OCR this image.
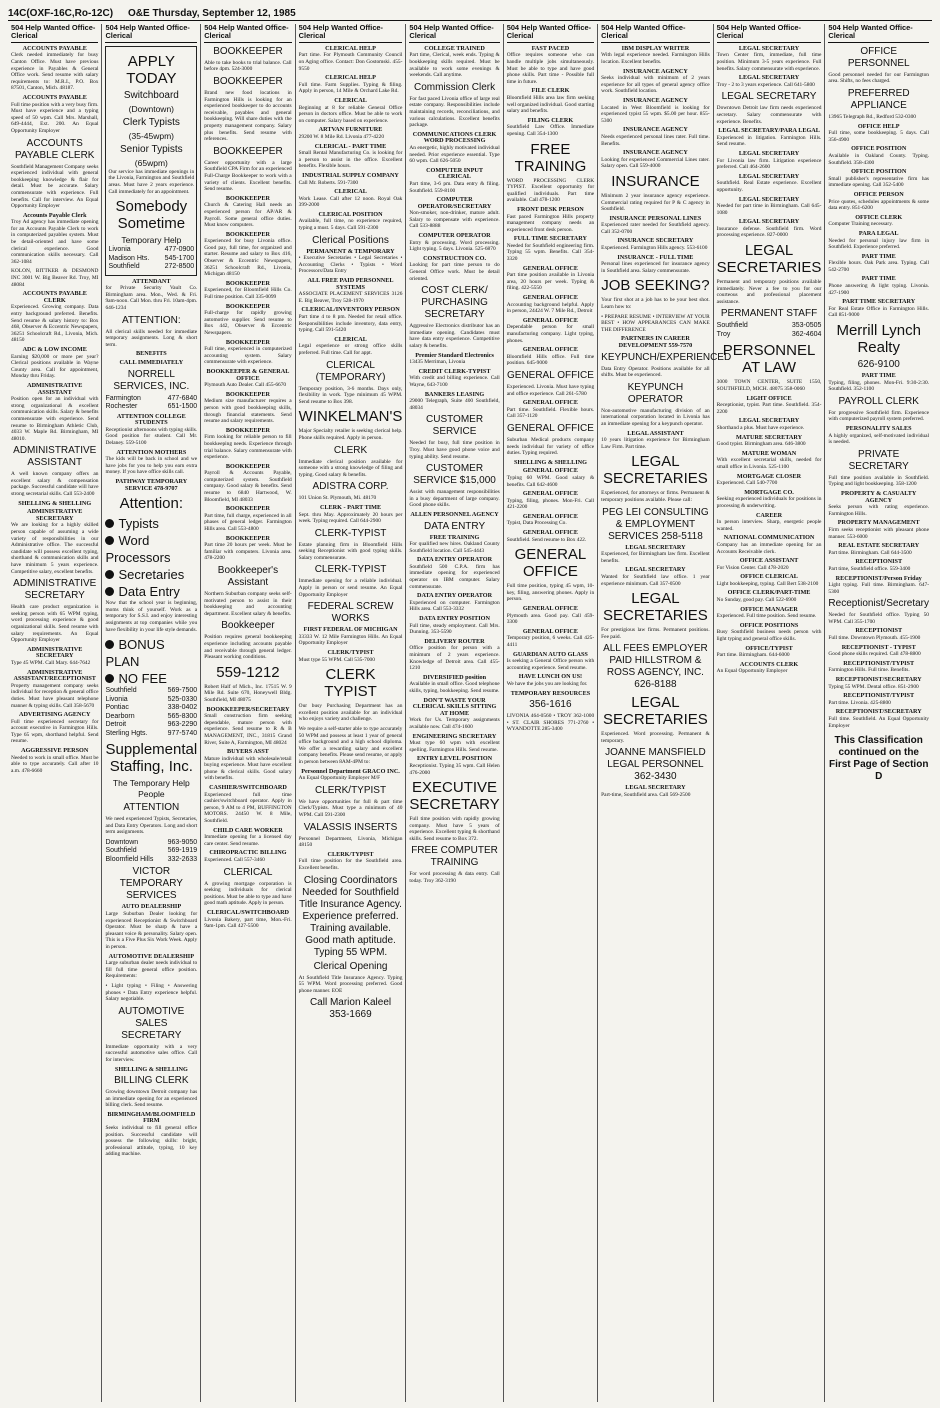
14C(OXF-16C,Ro-12C)	O&E Thursday, September 12, 1985
504 Help Wanted Office-Clerical
ACCOUNTS PAYABLE
Clerk needed immediately for busy Canton Office. Must have previous experience in Payables & General Office work. Send resume with salary requirements to: M.R.I., P.O. Box 87501, Canton, Mich. 48187.
ACCOUNTS PAYABLE
Full time position with a very busy firm. Must have experience and a typing speed of 50 wpm. Call Mrs. Marshall, 649-4444, Ext. 200. An Equal Opportunity Employer
ACCOUNTS PAYABLE CLERK
Southfield Management Company seeks experienced individual with general bookkeeping knowledge & flair for detail. Must be accurate. Salary commensurate with experience. Full benefits. Call for interview. An Equal Opportunity Employer
Accounts Payable Clerk
Troy Ad agency has immediate opening for an Accounts Payable Clerk to work in computerized payables system. Must be detail-oriented and have some clerical experience. Good communication skills necessary. Call 362-1084
KOLON, BITTKER & DESMOND INC 3001 W. Big Beaver Rd. Troy, MI 48084
ACCOUNTS PAYABLE CLERK
Experienced. Growing company. Data entry background preferred. Benefits. Send resume & salary history to: Box 468, Observer & Eccentric Newspapers, 36251 Schoolcraft Rd., Livonia, Mich. 48150
ADC & LOW INCOME
Earning $20,000 or more per year? Clerical positions available in Wayne County area. Call for appointment, Monday thru Friday.
ADMINISTRATIVE ASSISTANT
Position open for an individual with strong organizational & excellent communication skills. Salary & benefits commensurate with experience. Send resume to Birmingham Athletic Club, 4033 W. Maple Rd. Birmingham, MI 48010.
ADMINISTRATIVE ASSISTANT
A well known company offers an excellent salary & compensation package. Successful candidate will have strong secretarial skills. Call 553-2400
SHELLING & SHELLING
ADMINISTRATIVE SECRETARY
We are looking for a highly skilled person capable of assuming a wide variety of responsibilities in our Administrative office. The successful candidate will possess excellent typing, shorthand & communication skills and have minimum 5 years experience. Competitive salary, excellent benefits.
ADMINISTRATIVE SECRETARY
Health care product organization is seeking person with 65 WPM typing, word processing experience & good organizational skills. Send resume with salary requirements. An Equal Opportunity Employer
ADMINISTRATIVE SECRETARY
Type 45 WPM. Call Mary. 644-7642
ADMINISTRATIVE ASSISTANT/RECEPTIONIST
Property management company seeks individual for reception & general office duties. Must have pleasant telephone manner & typing skills. Call 358-5670
ADVERTISING AGENCY
Full time experienced secretary for account executive in Farmington Hills. Type 65 wpm, shorthand helpful. Send resume.
AGGRESSIVE PERSON
Needed to work in small office. Must be able to type accurately. Call after 10 a.m. 478-6660
504 Help Wanted Office-Clerical
APPLY TODAY
Switchboard
(Downtown)
Clerk Typists
(35-45wpm)
Senior Typists
(65wpm)
Our service has immediate openings in the Livonia, Farmington and Southfield areas. Must have 2 years experience. Call immediately for an appointment.
Somebody Sometime
Temporary Help
Livonia	477-0900
Madison Hts. 545-1700
Southfield	272-8500
ATTENDANT
for Private Security Vault Co. Birmingham area. Mon., Wed. & Fri. 9am-noon. Call Mon. thru Fri. 10am-4pm. 646-1234
ATTENTION:
All clerical skills needed for immediate temporary assignments. Long & short term.
BENEFITS
CALL IMMEDIATELY
NORRELL SERVICES, INC.
Farmington	477-6840
Rochester	651-1500
ATTENTION COLLEGE STUDENTS
Receptionist afternoons with typing skills. Good position for student. Call Mr. Delaney. 559-5100
ATTENTION MOTHERS
The kids will be back in school and we have jobs for you to help you earn extra money. If you have office skills call.
PATHWAY TEMPORARY SERVICE 478-9707
Attention:
Typists
Word Processors
Secretaries
Data Entry
Now that the school year is beginning, moms think of yourself. Work as a temporary for S.S.I. and enjoy interesting assignments at top companies while you have flexibility in your life style demands.
BONUS PLAN
NO FEE
Southfield	569-7500
Livonia	525-0330
Pontiac	338-0402
Dearborn	565-8300
Detroit	963-2290
Sterling Hgts.	977-5740
Supplemental Staffing, Inc.
The Temporary Help People
ATTENTION
We need experienced Typists, Secretaries, and Data Entry Operators. Long and short term assignments.
Downtown	963-9050
Southfield	569-1919
Bloomfield Hills 332-2633
VICTOR TEMPORARY SERVICES
AUTO DEALERSHIP
Large Suburban Dealer looking for experienced Receptionist & Switchboard Operator. Must be sharp & have a pleasant voice & personality. Salary open. This is a Five Plus Six Work Week. Apply in person.
AUTOMOTIVE DEALERSHIP
Large suburban dealer needs individual to fill full time general office position. Requirements:
• Light typing • Filing • Answering phones • Data Entry experience helpful. Salary negotiable.
AUTOMOTIVE SALES SECRETARY
Immediate opportunity with a very successful automotive sales office. Call for interview.
SHELLING & SHELLING
BILLING CLERK
Growing downtown Detroit company has an immediate opening for an experienced billing clerk. Send resume.
BIRMINGHAM/BLOOMFIELD FIRM
Seeks individual to fill general office position. Successful candidate will possess the following skills: bright, professional attitude, typing, 10 key adding machine.
504 Help Wanted Office-Clerical
BOOKKEEPER
Able to take books to trial balance. Call before 4pm. 524-3000
BOOKKEEPER
Brand new food locations in Farmington Hills is looking for an experienced bookkeeper to do accounts receivable, payables and general bookkeeping. Will share duties with the property management company. Salary plus benefits. Send resume with references.
BOOKKEEPER
Career opportunity with a large Southfield CPA Firm for an experienced Full-Charge Bookkeeper to work with a variety of clients. Excellent benefits. Send resume.
BOOKKEEPER
Church & Catering Hall needs an experienced person for AP/AR & Payroll. Some general office duties. Must know computers.
BOOKKEEPER
Experienced for busy Livonia office. Good pay, full time, for organized and starter. Resume and salary to Box 416, Observer & Eccentric Newspapers, 36251 Schoolcraft Rd., Livonia, Michigan 48150
BOOKKEEPER
Experienced, for Bloomfield Hills Co. Full time position. Call 335-0099
BOOKKEEPER
Full-charge for rapidly growing automotive supplier. Send resume to Box 442, Observer & Eccentric Newspapers.
BOOKKEEPER
Full time, experienced in computerized accounting system. Salary commensurate with experience.
BOOKKEEPER & GENERAL OFFICE
Plymouth Auto Dealer. Call 455-6670
BOOKKEEPER
Medium size manufacturer requires a person with good bookkeeping skills, through financial statements. Send resume and salary requirements.
BOOKKEEPER
Firm looking for reliable person to fill bookkeeping needs. Experience through trial balance. Salary commensurate with experience.
BOOKKEEPER
Payroll & Accounts Payable, computerized system. Southfield company. Good salary & benefits. Send resume to 6840 Hartwood, W. Bloomfield, MI 48033
BOOKKEEPER
Part time, full charge, experienced in all phases of general ledger. Farmington Hills area. Call 553-4800
BOOKKEEPER
Part time 20 hours per week. Must be familiar with computers. Livonia area. 478-2200
Bookkeeper's Assistant
Northern Suburban company seeks self-motivated person to assist in their bookkeeping and accounting department. Excellent salary & benefits.
Bookkeeper
Position requires general bookkeeping experience including accounts payable and receivable through general ledger. Pleasant working conditions.
559-1212
Robert Half of Mich., Inc. 17515 W. 9 Mile Rd. Suite 670, Honeywell Bldg. Southfield, MI 48075
BOOKKEEPER/SECRETARY
Small construction firm seeking dependable, mature person with experience. Send resume to R & B MANAGEMENT, INC., 31815 Grand River, Suite A, Farmington, MI 48024
BUYERS ASST
Mature individual with wholesale/retail buying experience. Must have excellent phone & clerical skills. Good salary with benefits.
CASHIER/SWITCHBOARD
Experienced full time cashier/switchboard operator. Apply in person, 9 AM to 4 PM, BUFFINGTON MOTORS. 24450 W. 8 Mile, Southfield.
CHILD CARE WORKER
Immediate opening for a licensed day care center. Send resume.
CHIROPRACTIC BILLING
Experienced. Call 557-3460
CLERICAL
A growing mortgage corporation is seeking individuals for clerical positions. Must be able to type and have good math aptitude. Apply in person.
CLERICAL/SWITCHBOARD
Livonia Bakery, part time, Mon.-Fri. 9am-1pm. Call 427-5500
504 Help Wanted Office-Clerical
CLERICAL HELP
Part time. For Plymouth Community Council on Aging office. Contact: Don Gostomski. 455-9550
CLERICAL HELP
Full time. Farm Supplies. Typing & filing. Apply in person, 14 Mile & Orchard Lake Rd.
CLERICAL
Beginning at 8 for reliable General Office person in doctors office. Must be able to work on computer. Salary based on experience.
ARTVAN FURNITURE
29200 W. 8 Mile Rd. Livonia 477-4220
CLERICAL - PART TIME
Small Rental Manufacturing Co. is looking for a person to assist in the office. Excellent benefits. Flexible hours.
INDUSTRIAL SUPPLY COMPANY
Call Mr. Roberts. 591-7300
CLERICAL
Work Lease. Call after 12 noon. Royal Oak 399-2000
CLERICAL POSITION
Available, full time, no experience required, typing a must. 5 days. Call 591-2300
Clerical Positions
PERMANENT & TEMPORARY
• Executive Secretaries • Legal Secretaries • Accounting Clerks • Typists • Word Processors/Data Entry
ALL FREE PAID PERSONNEL SYSTEMS
ASSOCIATE PLACEMENT SERVICES 3126 E. Big Beaver, Troy 528-1970
CLERICAL/INVENTORY PERSON
Part time 4 to 8 pm. Needed for retail office. Responsibilities include inventory, data entry, typing. Call 591-5420
CLERICAL
Legal experience or strong office skills preferred. Full time. Call for appt.
CLERICAL (TEMPORARY)
Temporary position, 3-6 months. Days only, flexibility in work. Type minimum 45 WPM. Send resume to Box 398.
WINKELMAN'S
Major Specialty retailer is seeking clerical help. Phone skills required. Apply in person.
CLERK
Immediate clerical position available for someone with a strong knowledge of filing and typing. Good salary & benefits.
ADISTRA CORP.
101 Union St. Plymouth, Mi. 48170
CLERK - PART TIME
Sept. thru May. Approximately 20 hours per week. Typing required. Call 644-2900
CLERK-TYPIST
Estate planning firm in Bloomfield Hills seeking Receptionist with good typing skills. Salary commensurate.
CLERK-TYPIST
Immediate opening for a reliable individual. Apply in person or send resume. An Equal Opportunity Employer
FEDERAL SCREW WORKS
FIRST FEDERAL OF MICHIGAN
33333 W. 12 Mile Farmington Hills. An Equal Opportunity Employer
CLERK/TYPIST
Must type 55 WPM. Call 535-7000
CLERK TYPIST
Our busy Purchasing Department has an excellent position available for an individual who enjoys variety and challenge.
We require a self-starter able to type accurately 50 WPM and possess at least 1 year of general office background and a high school diploma. We offer a rewarding salary and excellent company benefits. Please send resume, or apply in person between 8AM-4PM to:
Personnel Department GRACO INC.
An Equal Opportunity Employer M/F
CLERK/TYPIST
We have opportunities for full & part time Clerk/Typists. Must type a minimum of 40 WPM. Call 591-2300
VALASSIS INSERTS
Personnel Department, Livonia, Michigan 48150
CLERK/TYPIST
Full time position for the Southfield area. Excellent benefits.
Closing Coordinators Needed for Southfield Title Insurance Agency. Experience preferred. Training available. Good math aptitude. Typing 55 WPM.
Clerical Opening
At Southfield Title Insurance Agency. Typing 55 WPM. Word processing preferred. Good phone manner. EOE
Call Marion Kaleel 353-1669
504 Help Wanted Office-Clerical
COLLEGE TRAINED
Part time, Clerical, week ends. Typing & bookkeeping skills required. Must be available to work some evenings & weekends. Call anytime.
Commission Clerk
For fast paced Livonia office of large real estate company. Responsibilities include maintaining records, reconciliations, and various calculations. Excellent benefits package.
COMMUNICATIONS CLERK WORD PROCESSING
An energetic, highly motivated individual needed. Prior experience essential. Type 60 wpm. Call 626-5050
COMPUTER INPUT CLERICAL
Part time, 3-6 pm. Data entry & filing. Southfield. 559-8100
COMPUTER OPERATOR/SECRETARY
Non-smoker, non-drinker, mature adult. Salary to compensate with experience. Call 533-8888
COMPUTER OPERATOR
Entry & processing. Word processing. Light typing. 5 days. Livonia. 525-6870
CONSTRUCTION CO.
Looking for part time person to do General Office work. Must be detail oriented.
COST CLERK/ PURCHASING SECRETARY
Aggressive Electronics distributor has an immediate opening. Candidates must have data entry experience. Competitive salary & benefits.
Premier Standard Electronics
13435 Merriman, Livonia
CREDIT CLERK-TYPIST
With credit and billing experience. Call Wayne, 643-7100
BANKERS LEASING
29000 Telegraph, Suite 400 Southfield, 48034
CUSTOMER SERVICE
Needed for busy, full time position in Troy. Must have good phone voice and typing ability. Send resume.
CUSTOMER SERVICE $15,000
Assist with management responsibilities in a busy department of large company. Good phone skills.
ALLEN PERSONNEL AGENCY
DATA ENTRY
FREE TRAINING
For qualified new hires. Oakland County Southfield location. Call 545-4443
DATA ENTRY OPERATOR
Southfield 500 C.P.A. firm has immediate opening for experienced operator on IBM computer. Salary commensurate.
DATA ENTRY OPERATOR
Experienced on computer. Farmington Hills area. Call 553-3332
DATA ENTRY POSITION
Full time, steady employment. Call Mrs. Dunning. 353-5590
DELIVERY ROUTER
Office position for person with a minimum of 2 years experience. Knowledge of Detroit area. Call 455-1210
DIVERSIFIED position
Available in small office. Good telephone skills, typing, bookkeeping. Send resume.
DON'T WASTE YOUR CLERICAL SKILLS SITTING AT HOME
Work for Us. Temporary assignments available now. Call 474-1600
ENGINEERING SECRETARY
Must type 60 wpm with excellent spelling. Farmington Hills. Send resume.
ENTRY LEVEL POSITION
Receptionist. Typing 35 wpm. Call Helen 476-2000
EXECUTIVE SECRETARY
Full time position with rapidly growing company. Must have 5 years of experience. Excellent typing & shorthand skills. Send resume to Box 372.
FREE COMPUTER TRAINING
For word processing & data entry. Call today. Troy 362-3190
504 Help Wanted Office-Clerical
FAST PACED
Office requires someone who can handle multiple jobs simultaneously. Must be able to type and have good phone skills. Part time - Possible full time in future.
FILE CLERK
Bloomfield Hills area law firm seeking well organized individual. Good starting salary and benefits.
FILING CLERK
Southfield Law Office. Immediate opening. Call 354-1300
FREE TRAINING
WORD PROCESSING CLERK TYPIST. Excellent opportunity for qualified individuals. Part time available. Call 478-1200
FRONT DESK PERSON
Fast paced Farmington Hills property management company needs an experienced front desk person.
FULL TIME SECRETARY
Needed for Southfield engineering firm. Typing 55 wpm. Benefits. Call 354-3320
GENERAL OFFICE
Part time position available in Livonia area, 20 hours per week. Typing & filing. 422-5550
GENERAL OFFICE
Accounting background helpful. Apply in person, 24424 W. 7 Mile Rd., Detroit
GENERAL OFFICE
Dependable person for small manufacturing company. Light typing, phones.
GENERAL OFFICE
Bloomfield Hills office. Full time position. 645-9000
GENERAL OFFICE
Experienced. Livonia. Must have typing and office experience. Call 261-5780
GENERAL OFFICE
Part time. Southfield. Flexible hours. Call 357-1120
GENERAL OFFICE
Suburban Medical products company needs individual for variety of office duties. Typing required.
SHELLING & SHELLING
GENERAL OFFICE
Typing 60 WPM. Good salary & benefits. Call 642-4600
GENERAL OFFICE
Typing, filing, phones. Mon-Fri. Call 421-2200
GENERAL OFFICE
Typist, Data Processing Co.
GENERAL OFFICE
Southfield. Send resume to Box 422.
GENERAL OFFICE
Full time position, typing 45 wpm, 10-key, filing, answering phones. Apply in person.
GENERAL OFFICE
Plymouth area. Good pay. Call 459-3300
GENERAL OFFICE
Temporary position, 6 weeks. Call 425-4411
GUARDIAN AUTO GLASS
Is seeking a General Office person with accounting experience. Send resume.
HAVE LUNCH ON US!
We have the jobs you are looking for.
TEMPORARY RESOURCES
356-1616
LIVONIA 464-0560 • TROY 362-1000 • ST. CLAIR SHORES 771-2760 • WYANDOTTE 285-3400
504 Help Wanted Office-Clerical
IBM DISPLAY WRITER
With legal experience needed. Farmington Hills location. Excellent benefits.
INSURANCE AGENCY
Seeks individual with minimum of 2 years experience for all types of general agency office work. Southfield location.
INSURANCE AGENCY
Located in West Bloomfield is looking for experienced typist 55 wpm. $5.00 per hour. 855-5300
INSURANCE AGENCY
Needs experienced personal lines rater. Full time. Benefits.
INSURANCE AGENCY
Looking for experienced Commercial Lines rater. Salary open. Call 559-4000
INSURANCE
Minimum 2 year insurance agency experience. Commercial rating required for P & C agency in Southfield.
INSURANCE PERSONAL LINES
Experienced rater needed for Southfield agency. Call 352-0700
INSURANCE SECRETARY
Experienced. Farmington Hills agency. 553-6100
INSURANCE - FULL TIME
Personal lines experienced for insurance agency in Southfield area. Salary commensurate.
JOB SEEKING?
Your first shot at a job has to be your best shot. Learn how to:
• PREPARE RESUME • INTERVIEW AT YOUR BEST • HOW APPEARANCES CAN MAKE THE DIFFERENCE
PARTNERS IN CAREER DEVELOPMENT 559-7570
KEYPUNCH/EXPERIENCED
Data Entry Operator. Positions available for all shifts. Must be experienced.
KEYPUNCH OPERATOR
Non-automotive manufacturing division of an international corporation located in Livonia has an immediate opening for a keypunch operator.
LEGAL ASSISTANT
10 years litigation experience for Birmingham Law Firm. Part time.
LEGAL SECRETARIES
Experienced, for attorneys or firms. Permanent & temporary positions available. Please call:
PEG LEI CONSULTING & EMPLOYMENT SERVICES 258-5118
LEGAL SECRETARY
Experienced, for Birmingham law firm. Excellent benefits.
LEGAL SECRETARY
Wanted for Southfield law office. 1 year experience minimum. Call 357-0500
LEGAL SECRETARIES
For prestigious law firms. Permanent positions. Fee paid.
ALL FEES EMPLOYER PAID HILLSTROM & ROSS AGENCY, INC. 626-8188
LEGAL SECRETARIES
Experienced. Word processing. Permanent & temporary.
JOANNE MANSFIELD LEGAL PERSONNEL 362-3430
LEGAL SECRETARY
Part-time, Southfield area. Call 569-2500
504 Help Wanted Office-Clerical
LEGAL SECRETARY
Town Center firm, immediate, full time position. Minimum 3-5 years experience. Full benefits. Salary commensurate with experience.
LEGAL SECRETARY
Troy - 2 to 3 years experience. Call 641-5800
LEGAL SECRETARY
Downtown Detroit law firm needs experienced secretary. Salary commensurate with experience. Benefits.
LEGAL SECRETARY/PARA LEGAL
Experienced in litigation. Farmington Hills. Send resume.
LEGAL SECRETARY
For Livonia law firm. Litigation experience preferred. Call 464-2600
LEGAL SECRETARY
Southfield. Real Estate experience. Excellent opportunity.
LEGAL SECRETARY
Needed for part time in Birmingham. Call 645-1080
LEGAL SECRETARY
Insurance defense. Southfield firm. Word processing experience. 827-0000
LEGAL SECRETARIES
Permanent and temporary positions available immediately. Never a fee to you for our courteous and professional placement assistance.
PERMANENT STAFF
Southfield	353-0505
Troy	362-4604
PERSONNEL AT LAW
3000 TOWN CENTER, SUITE 1550, SOUTHFIELD, MICH. 48075 358-0060
LIGHT OFFICE
Receptionist, typist. Part time. Southfield. 354-2200
LEGAL SECRETARY
Shorthand a plus. Must have experience.
MATURE SECRETARY
Good typist. Birmingham area. 646-3800
MATURE WOMAN
With excellent secretarial skills, needed for small office in Livonia. 525-1100
MORTGAGE CLOSER
Experienced. Call 540-7700
MORTGAGE CO.
Seeking experienced individuals for positions in processing & underwriting.
CAREER
In person interview. Sharp, energetic people wanted.
NATIONAL COMMUNICATION
Company has an immediate opening for an Accounts Receivable clerk.
OFFICE ASSISTANT
For Vision Center. Call 478-2020
OFFICE CLERICAL
Light bookkeeping, typing. Call Bert 538-2100
OFFICE CLERK/PART-TIME
No Sunday, good pay. Call 522-6900
OFFICE MANAGER
Experienced. Full time position. Send resume.
OFFICE POSITIONS
Busy Southfield business needs person with light typing and general office skills.
OFFICE/TYPIST
Part time. Birmingham. 644-6000
ACCOUNTS CLERK
An Equal Opportunity Employer
504 Help Wanted Office-Clerical
OFFICE PERSONNEL
Good personnel needed for our Farmington area. Shifts, no fees charged.
PREFERRED APPLIANCE
13965 Telegraph Rd., Redford 532-0300
OFFICE HELP
Full time, some bookkeeping. 5 days. Call 356-4900
OFFICE POSITION
Available in Oakland County. Typing. Southfield. 358-4300
OFFICE POSITION
Small publisher's representative firm has immediate opening. Call 352-5400
OFFICE PERSON
Price quotes, schedules appointments & some data entry. 851-6200
OFFICE CLERK
Computer Training necessary.
PARA LEGAL
Needed for personal injury law firm in Southfield. Experience preferred.
PART TIME
Flexible hours. Oak Park area. Typing. Call 542-2700
PART TIME
Phone answering & light typing. Livonia. 427-1900
PART TIME SECRETARY
For Real Estate Office in Farmington Hills. Call 851-9000
Merrill Lynch Realty
626-9100
PART TIME
Typing, filing, phones. Mon-Fri. 9:30-2:30. Southfield. 352-1100
PAYROLL CLERK
For progressive Southfield firm. Experience with computerized payroll system preferred.
PERSONALITY SALES
A highly organized, self-motivated individual is needed.
PRIVATE SECRETARY
Full time position available in Southfield. Typing and light bookkeeping. 358-1200
PROPERTY & CASUALTY AGENCY
Seeks person with rating experience. Farmington Hills.
PROPERTY MANAGEMENT
Firm seeks receptionist with pleasant phone manner. 553-6000
REAL ESTATE SECRETARY
Part time. Birmingham. Call 644-3500
RECEPTIONIST
Part time, Southfield office. 559-3400
RECEPTIONIST/Person Friday
Light typing. Full time. Birmingham. 647-5300
Receptionist/Secretary
Needed for Southfield office. Typing 50 WPM. Call 355-1700
RECEPTIONIST
Full time. Downtown Plymouth. 455-1900
RECEPTIONIST - TYPIST
Good phone skills required. Call 478-8800
RECEPTIONIST/TYPIST
Farmington Hills. Full time. Benefits.
RECEPTIONIST/SECRETARY
Typing 55 WPM. Dental office. 851-2900
RECEPTIONIST/TYPIST
Part time. Livonia. 425-8800
RECEPTIONIST/SECRETARY
Full time. Southfield. An Equal Opportunity Employer
This Classification continued on the First Page of Section D
